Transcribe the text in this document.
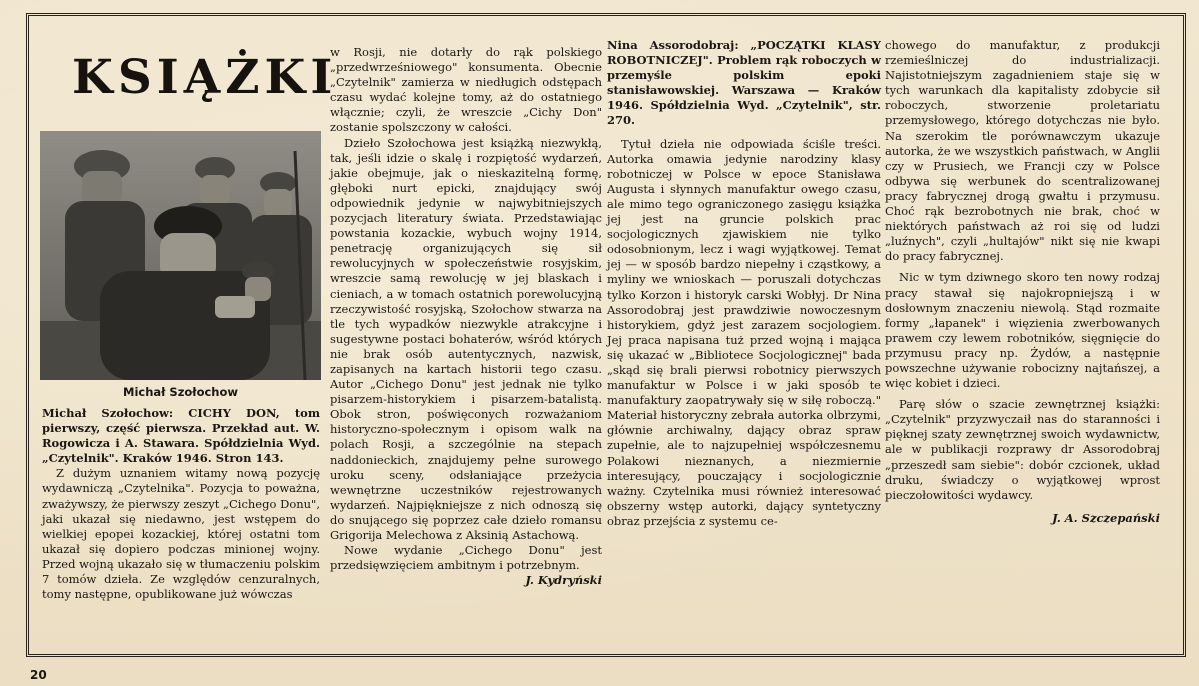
KSIĄŻKI
Michał Szołochow

Michał Szołochow: CICHY DON, tom pierwszy, część pierwsza. Przekład aut. W. Rogowicza i A. Stawara. Spółdzielnia Wyd. „Czytelnik". Kraków 1946. Stron 143.

Z dużym uznaniem witamy nową pozycję wydawniczą „Czytelnika". Pozycja to poważna, zważywszy, że pierwszy zeszyt „Cichego Donu", jaki ukazał się niedawno, jest wstępem do wielkiej epopei kozackiej, której ostatni tom ukazał się dopiero podczas minionej wojny. Przed wojną ukazało się w tłumaczeniu polskim 7 tomów dzieła. Ze względów cenzuralnych, tomy następne, opublikowane już wówczas

w Rosji, nie dotarły do rąk polskiego „przedwrześniowego" konsumenta. Obecnie „Czytelnik" zamierza w niedługich odstępach czasu wydać kolejne tomy, aż do ostatniego włącznie; czyli, że wreszcie „Cichy Don" zostanie spolszczony w całości.

Dzieło Szołochowa jest książką niezwykłą, tak, jeśli idzie o skalę i rozpiętość wydarzeń, jakie obejmuje, jak o nieskazitelną formę, głęboki nurt epicki, znajdujący swój odpowiednik jedynie w najwybitniejszych pozycjach literatury świata. Przedstawiając powstania kozackie, wybuch wojny 1914, penetrację organizujących się sił rewolucyjnych w społeczeństwie rosyjskim, wreszcie samą rewolucję w jej blaskach i cieniach, a w tomach ostatnich porewolucyjną rzeczywistość rosyjską, Szołochow stwarza na tle tych wypadków niezwykle atrakcyjne i sugestywne postaci bohaterów, wśród których nie brak osób autentycznych, nazwisk, zapisanych na kartach historii tego czasu. Autor „Cichego Donu" jest jednak nie tylko pisarzem-historykiem i pisarzem-batalistą. Obok stron, poświęconych rozważaniom historyczno-społecznym i opisom walk na polach Rosji, a szczególnie na stepach naddonieckich, znajdujemy pełne surowego uroku sceny, odsłaniające przeżycia wewnętrzne uczestników rejestrowanych wydarzeń. Najpiękniejsze z nich odnoszą się do snującego się poprzez całe dzieło romansu Grigorija Melechowa z Aksinią Astachową.

Nowe wydanie „Cichego Donu" jest przedsięwzięciem ambitnym i potrzebnym.

J. Kydryński

Nina Assorodobraj: „POCZĄTKI KLASY ROBOTNICZEJ". Problem rąk roboczych w przemyśle polskim epoki stanisławowskiej. Warszawa — Kraków 1946. Spółdzielnia Wyd. „Czytelnik", str. 270.

Tytuł dzieła nie odpowiada ściśle treści. Autorka omawia jedynie narodziny klasy robotniczej w Polsce w epoce Stanisława Augusta i słynnych manufaktur owego czasu, ale mimo tego ograniczonego zasięgu książka jej jest na gruncie polskich prac socjologicznych zjawiskiem nie tylko odosobnionym, lecz i wagi wyjątkowej. Temat jej — w sposób bardzo niepełny i cząstkowy, a myliny we wnioskach — poruszali dotychczas tylko Korzon i historyk carski Wobłyj. Dr Nina Assorodobraj jest prawdziwie nowoczesnym historykiem, gdyż jest zarazem socjologiem. Jej praca napisana tuż przed wojną i mająca się ukazać w „Bibliotece Socjologicznej" bada „skąd się brali pierwsi robotnicy pierwszych manufaktur w Polsce i w jaki sposób te manufaktury zaopatrywały się w siłę roboczą." Materiał historyczny zebrała autorka olbrzymi, głównie archiwalny, dający obraz spraw zupełnie, ale to najzupełniej współczesnemu Polakowi nieznanych, a niezmiernie interesujący, pouczający i socjologicznie ważny. Czytelnika musi również interesować obszerny wstęp autorki, dający syntetyczny obraz przejścia z systemu ce-

chowego do manufaktur, z produkcji rzemieślniczej do industrializacji. Najistotniejszym zagadnieniem staje się w tych warunkach dla kapitalisty zdobycie sił roboczych, stworzenie proletariatu przemysłowego, którego dotychczas nie było. Na szerokim tle porównawczym ukazuje autorka, że we wszystkich państwach, w Anglii czy w Prusiech, we Francji czy w Polsce odbywa się werbunek do scentralizowanej pracy fabrycznej drogą gwałtu i przymusu. Choć rąk bezrobotnych nie brak, choć w niektórych państwach aż roi się od ludzi „luźnych", czyli „hultajów" nikt się nie kwapi do pracy fabrycznej.

Nic w tym dziwnego skoro ten nowy rodzaj pracy stawał się najokropniejszą i w dosłownym znaczeniu niewolą. Stąd rozmaite formy „łapanek" i więzienia zwerbowanych prawem czy lewem robotników, sięgnięcie do przymusu pracy np. Żydów, a następnie powszechne używanie robocizny najtańszej, a więc kobiet i dzieci.

Parę słów o szacie zewnętrznej książki: „Czytelnik" przyzwyczaił nas do staranności i pięknej szaty zewnętrznej swoich wydawnictw, ale w publikacji rozprawy dr Assorodobraj „przeszedł sam siebie": dobór czcionek, układ druku, świadczy o wyjątkowej wprost pieczołowitości wydawcy.

J. A. Szczepański

20
